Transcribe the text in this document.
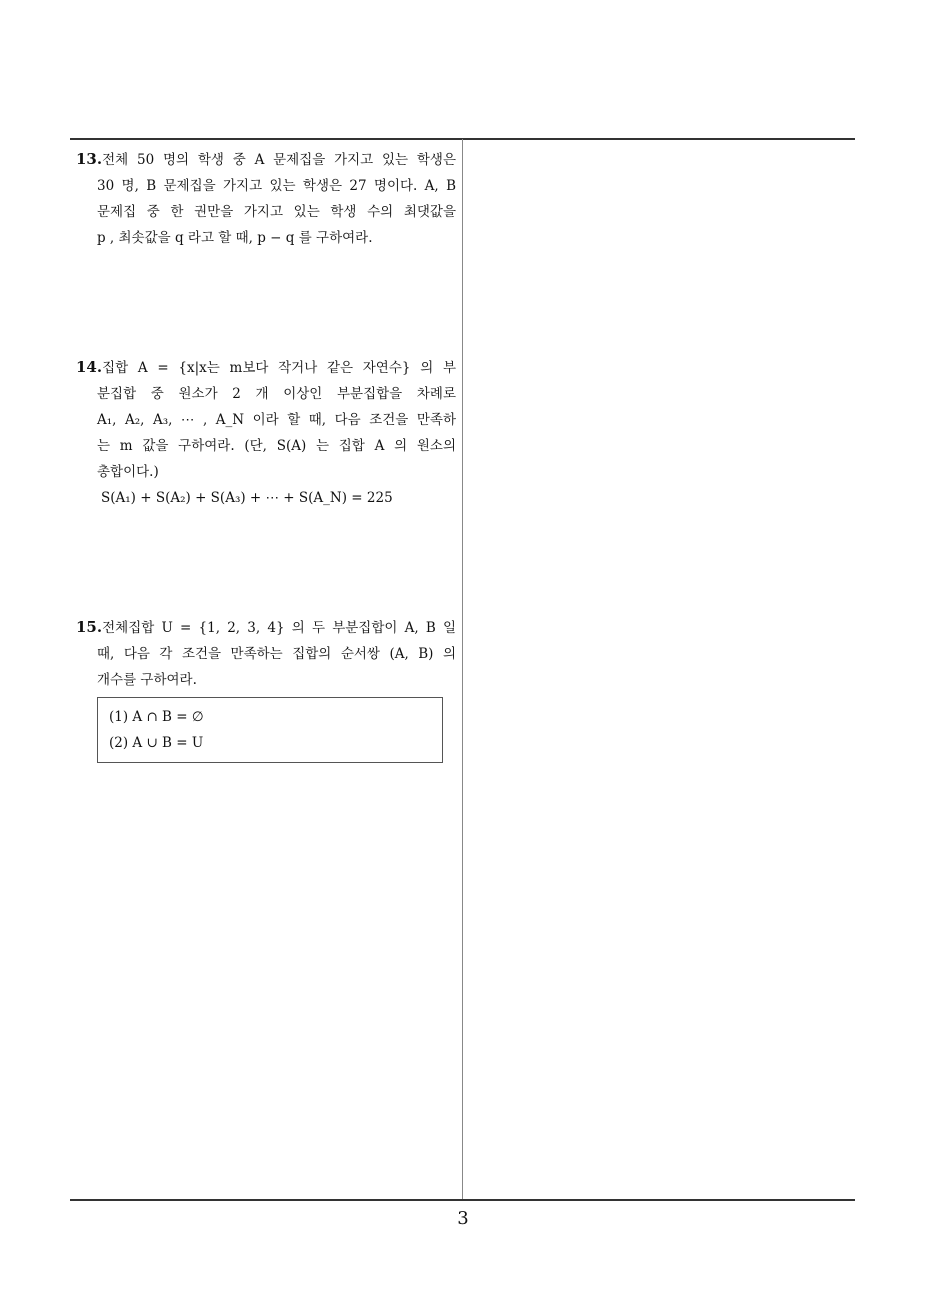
13.전체 50 명의 학생 중 A 문제집을 가지고 있는 학생은
30 명, B 문제집을 가지고 있는 학생은 27 명이다. A, B
문제집 중 한 권만을 가지고 있는 학생 수의 최댓값을
p , 최솟값을 q 라고 할 때, p − q 를 구하여라.
14.집합 A = {x|x는 m보다 작거나 같은 자연수} 의 부
분집합 중 원소가 2 개 이상인 부분집합을 차례로
A₁, A₂, A₃, ⋯ , A_N 이라 할 때, 다음 조건을 만족하
는 m 값을 구하여라. (단, S(A) 는 집합 A 의 원소의
총합이다.)
S(A₁) + S(A₂) + S(A₃) + ⋯ + S(A_N) = 225
15.전체집합 U = {1, 2, 3, 4} 의 두 부분집합이 A, B 일
때, 다음 각 조건을 만족하는 집합의 순서쌍 (A, B) 의
개수를 구하여라.
(1) A ∩ B = ∅
(2) A ∪ B = U
3
